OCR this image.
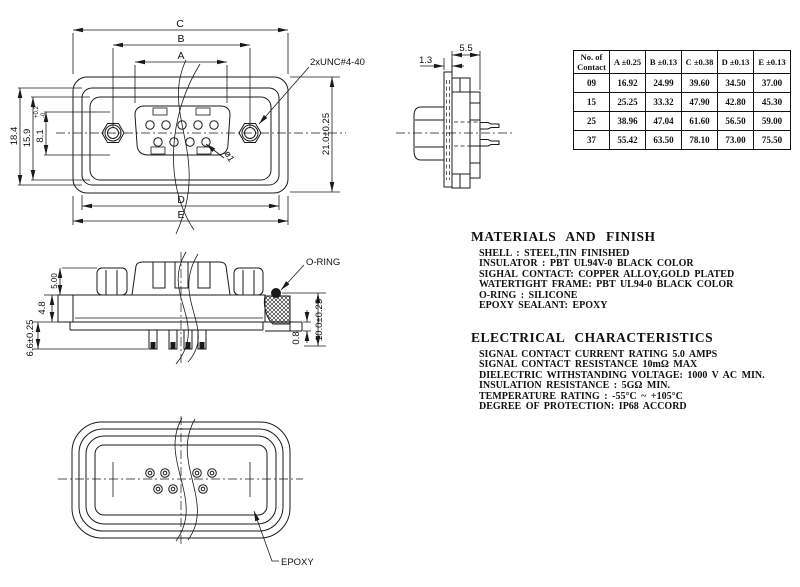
C
B
A
D
E
21.0±0.25
18.4 15.9 8.1
+0.2 -0
2xUNC#4-40
ø1
5.5
1.3
5.00
4.8
6.6±0.25	10.0±0.25
0.8
O-RING
EPOXY
No. of
Contact	A ±0.25	B ±0.13	C ±0.38	D ±0.13	E ±0.13
09	16.92	24.99	39.60	34.50	37.00
15	25.25	33.32	47.90	42.80	45.30
25	38.96	47.04	61.60	56.50	59.00
37	55.42	63.50	78.10	73.00	75.50
MATERIALS AND FINISH
SHELL : STEEL,TIN FINISHED
INSULATOR : PBT UL94V-0 BLACK COLOR
SIGHAL CONTACT: COPPER ALLOY,GOLD PLATED
WATERTIGHT FRAME: PBT UL94-0 BLACK COLOR
O-RING : SILICONE
EPOXY SEALANT: EPOXY
ELECTRICAL CHARACTERISTICS
SIGNAL CONTACT CURRENT RATING 5.0 AMPS
SIGNAL CONTACT RESISTANCE 10mΩ MAX
DIELECTRIC WITHSTANDING VOLTAGE: 1000 V AC MIN.
INSULATION RESISTANCE : 5GΩ MIN.
TEMPERATURE RATING : -55°C ~ +105°C
DEGREE OF PROTECTION: IP68 ACCORD
